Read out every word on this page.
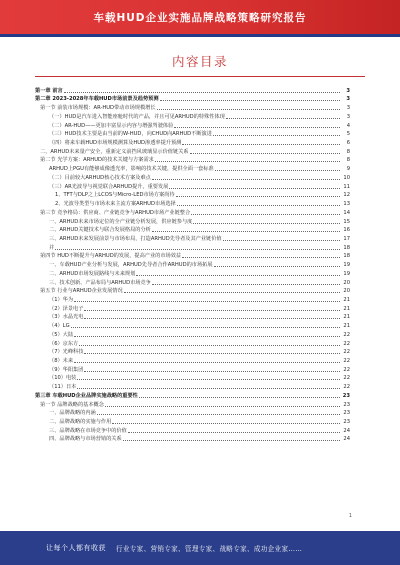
车载HUD企业实施品牌战略策略研究报告
内容目录
第一章 前言	3
第二章 2023-2028年车载HUD市场前景及趋势预测	3
第一节 前装市场规模：AR-HUD带动市场规模增长	3
（一）HUD是汽车进入智能座舱时代的产品，并且可见ARHUD的特殊性体现	3
（二）AR-HUD——更加丰富显示内容与增强驾驶体验	4
（三）HUD技术主要是由当前的W-HUD，向CHUD向ARHUD不断演进	5
（四）将来车载HUD市场规模测算及HUD渗透率提升预测	6
二、ARHUD未来量产安全，重新定义前挡风玻璃显示价值链关系	8
第二节 光学方案：ARHUD的技术关键与方案需求	8
ARHUD上PGU有能够成像透光率，影响的技术关键，提供全面一套标准	9
（二）目前较大ARHUD核心技术方案及难点	10
（三）AR光波导与视觉联合ARHUD提升，重要发展	11
1、TFT与DLP之上LCOS与Micro-LED市场方案尚待	12
2、光波导类型与市场未来主流方案ARHUD市场选择	13
第三节 竞争格局：供应商、产业链竞争与ARHUD市场产业链整合	14
一、ARHUD未来市场定位的全产业链分析发展，供应链参与度	15
二、ARHUD关键技术与联合发展格局的分析	16
三、ARHUD未来发展前景与市场布局，打造ARHUD先导者及其产业链价值	17
并	18
第四节 HUD不断提升与ARHUD的发展，提高产业的市场效益	18
一、车载HUD产业分析与发展，ARHUD先导者合作ARHUD的市场拓展	19
二、ARHUD市场发展路线与未来规划	19
三、技术创新、产品布局与ARHUD市场竞争	20
第五节 行业与ARHUD企业发展情况	20
（1）华为	21
（2）泽景电子	21
（3）水晶光电	21
（4）LG	21
（5）大陆	22
（6）京东方	22
（7）光峰科技	22
（8）未来	22
（9）华阳集团	22
（10）电装	22
（11）日本	22
第三章 车载HUD企业品牌实施战略的重要性	23
第一节 品牌战略的基本概念	23
一、品牌战略的内涵	23
二、品牌战略的实施与作用	23
三、品牌战略在市场竞争中的价值	24
四、品牌战略与市场营销的关系	24
1
让每个人都有收获 行业专家、营销专家、管理专家、战略专家、成功企业家……
